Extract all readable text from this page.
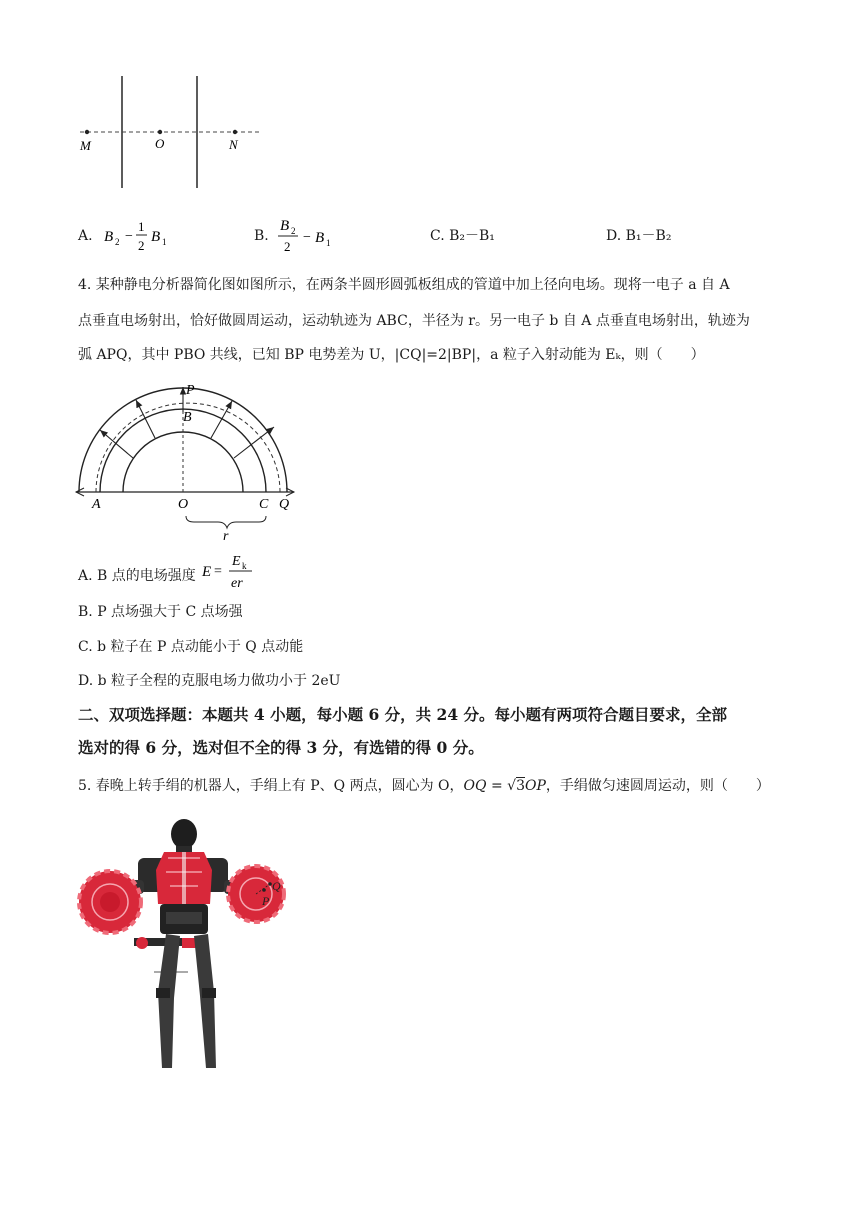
M	O	N
A. B 2 −
1
2
B 1	B.
B 2
2
− B 1	C. B₂－B₁	D. B₁－B₂
4. 某种静电分析器简化图如图所示，在两条半圆形圆弧板组成的管道中加上径向电场。现将一电子 a 自 A
点垂直电场射出，恰好做圆周运动，运动轨迹为 ABC，半径为 r。另一电子 b 自 A 点垂直电场射出，轨迹为
弧 APQ，其中 PBO 共线，已知 BP 电势差为 U，|CQ|=2|BP|，a 粒子入射动能为 Eₖ，则（　　）
P
B
A	O	C Q
r
A. B 点的电场强度 E =
E k
er
B. P 点场强大于 C 点场强
C. b 粒子在 P 点动能小于 Q 点动能
D. b 粒子全程的克服电场力做功小于 2eU
二、双项选择题：本题共 4 小题，每小题 6 分，共 24 分。每小题有两项符合题目要求，全部
选对的得 6 分，选对但不全的得 3 分，有选错的得 0 分。
5. 春晚上转手绢的机器人，手绢上有 P、Q 两点，圆心为 O，OQ = √3OP，手绢做匀速圆周运动，则（　　）
P
Q
